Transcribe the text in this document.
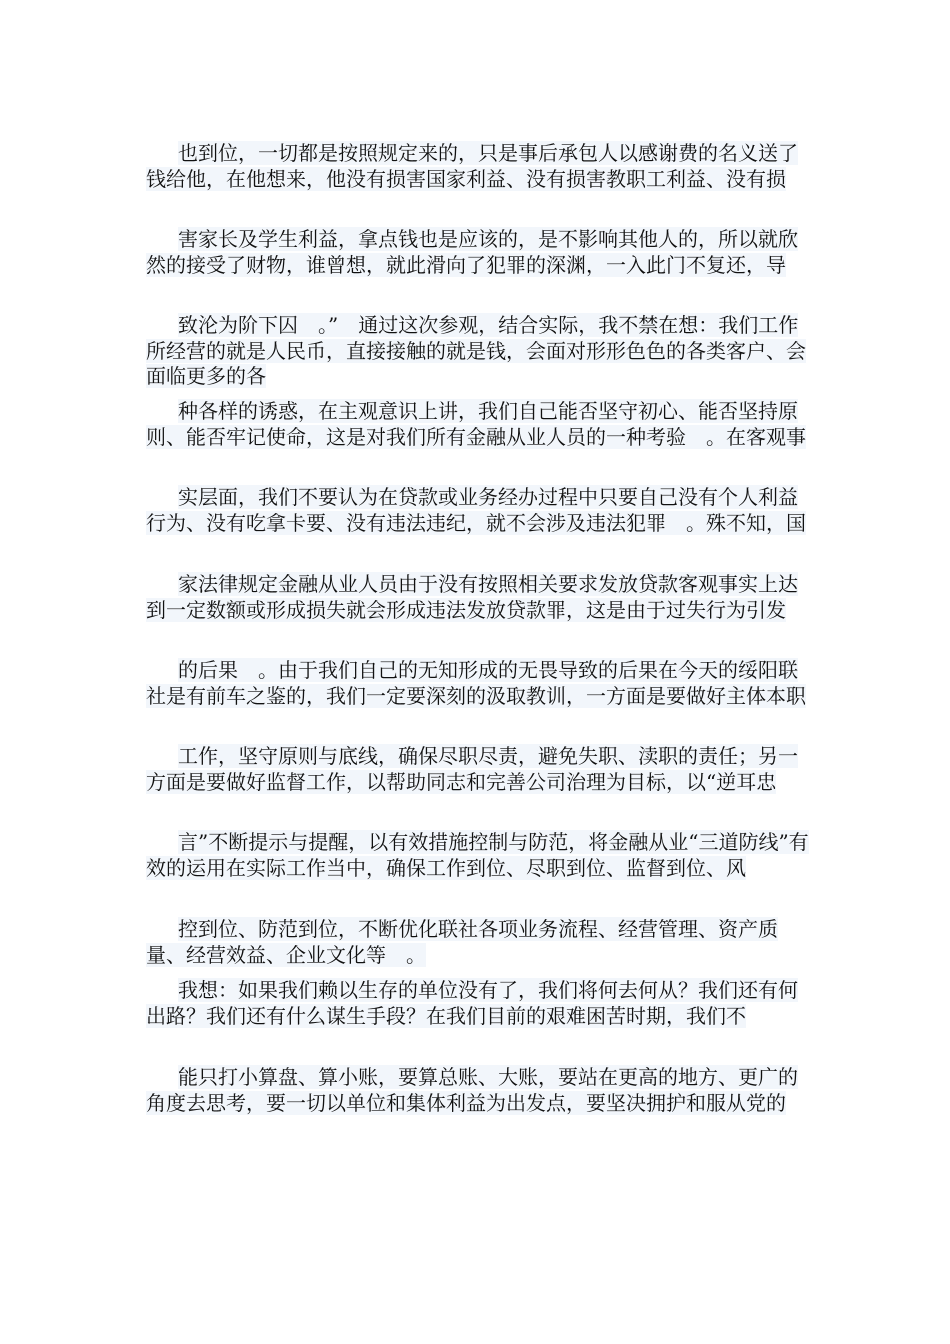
也到位，一切都是按照规定来的，只是事后承包人以感谢费的名义送了钱给他，在他想来，他没有损害国家利益、没有损害教职工利益、没有损

害家长及学生利益，拿点钱也是应该的，是不影响其他人的，所以就欣然的接受了财物，谁曾想，就此滑向了犯罪的深渊，一入此门不复还，导

致沦为阶下囚　。”　通过这次参观，结合实际，我不禁在想：我们工作所经营的就是人民币，直接接触的就是钱，会面对形形色色的各类客户、会面临更多的各

种各样的诱惑，在主观意识上讲，我们自己能否坚守初心、能否坚持原则、能否牢记使命，这是对我们所有金融从业人员的一种考验　。在客观事

实层面，我们不要认为在贷款或业务经办过程中只要自己没有个人利益行为、没有吃拿卡要、没有违法违纪，就不会涉及违法犯罪　。殊不知，国

家法律规定金融从业人员由于没有按照相关要求发放贷款客观事实上达到一定数额或形成损失就会形成违法发放贷款罪，这是由于过失行为引发

的后果　。由于我们自己的无知形成的无畏导致的后果在今天的绥阳联社是有前车之鉴的，我们一定要深刻的汲取教训，一方面是要做好主体本职

工作，坚守原则与底线，确保尽职尽责，避免失职、渎职的责任；另一方面是要做好监督工作，以帮助同志和完善公司治理为目标，以“逆耳忠

言”不断提示与提醒，以有效措施控制与防范，将金融从业“三道防线”有效的运用在实际工作当中，确保工作到位、尽职到位、监督到位、风

控到位、防范到位，不断优化联社各项业务流程、经营管理、资产质量、经营效益、企业文化等　。

我想：如果我们赖以生存的单位没有了，我们将何去何从？我们还有何出路？我们还有什么谋生手段？在我们目前的艰难困苦时期，我们不

能只打小算盘、算小账，要算总账、大账，要站在更高的地方、更广的角度去思考，要一切以单位和集体利益为出发点，要坚决拥护和服从党的
